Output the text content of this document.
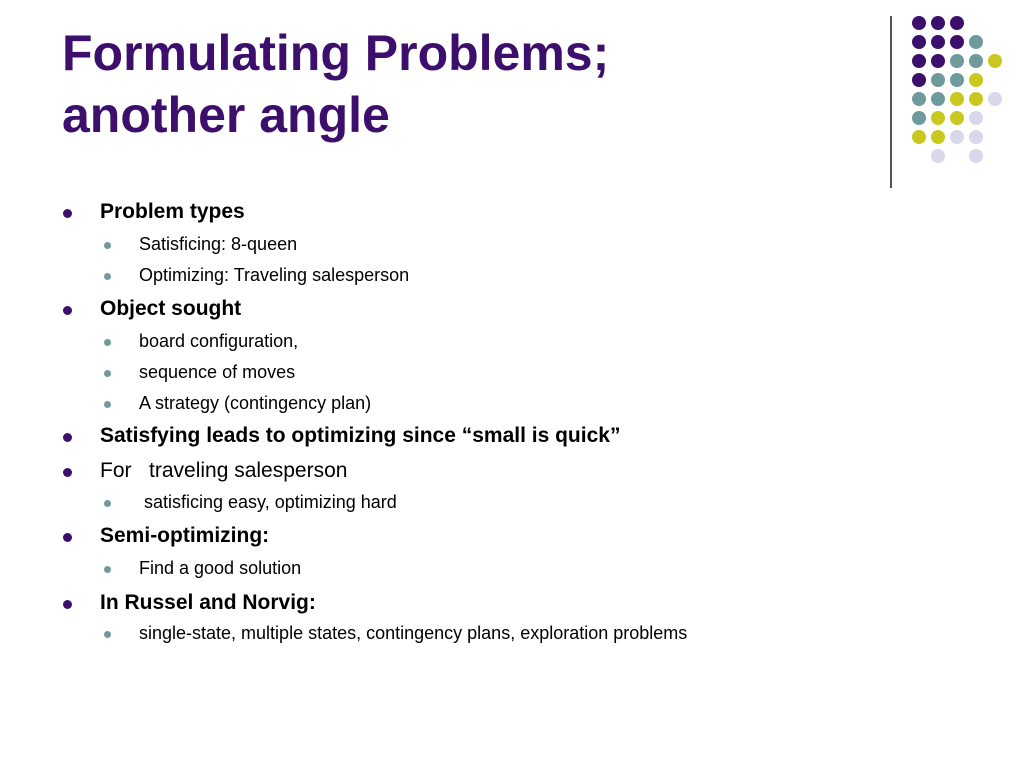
Formulating Problems;
another angle
Problem types
Satisficing: 8-queen
Optimizing: Traveling salesperson
Object sought
board configuration,
sequence of moves
A strategy (contingency plan)
Satisfying leads to optimizing since “small is quick”
For   traveling salesperson
satisficing easy, optimizing hard
Semi-optimizing:
Find a good solution
In Russel and Norvig:
single-state, multiple states, contingency plans, exploration problems
